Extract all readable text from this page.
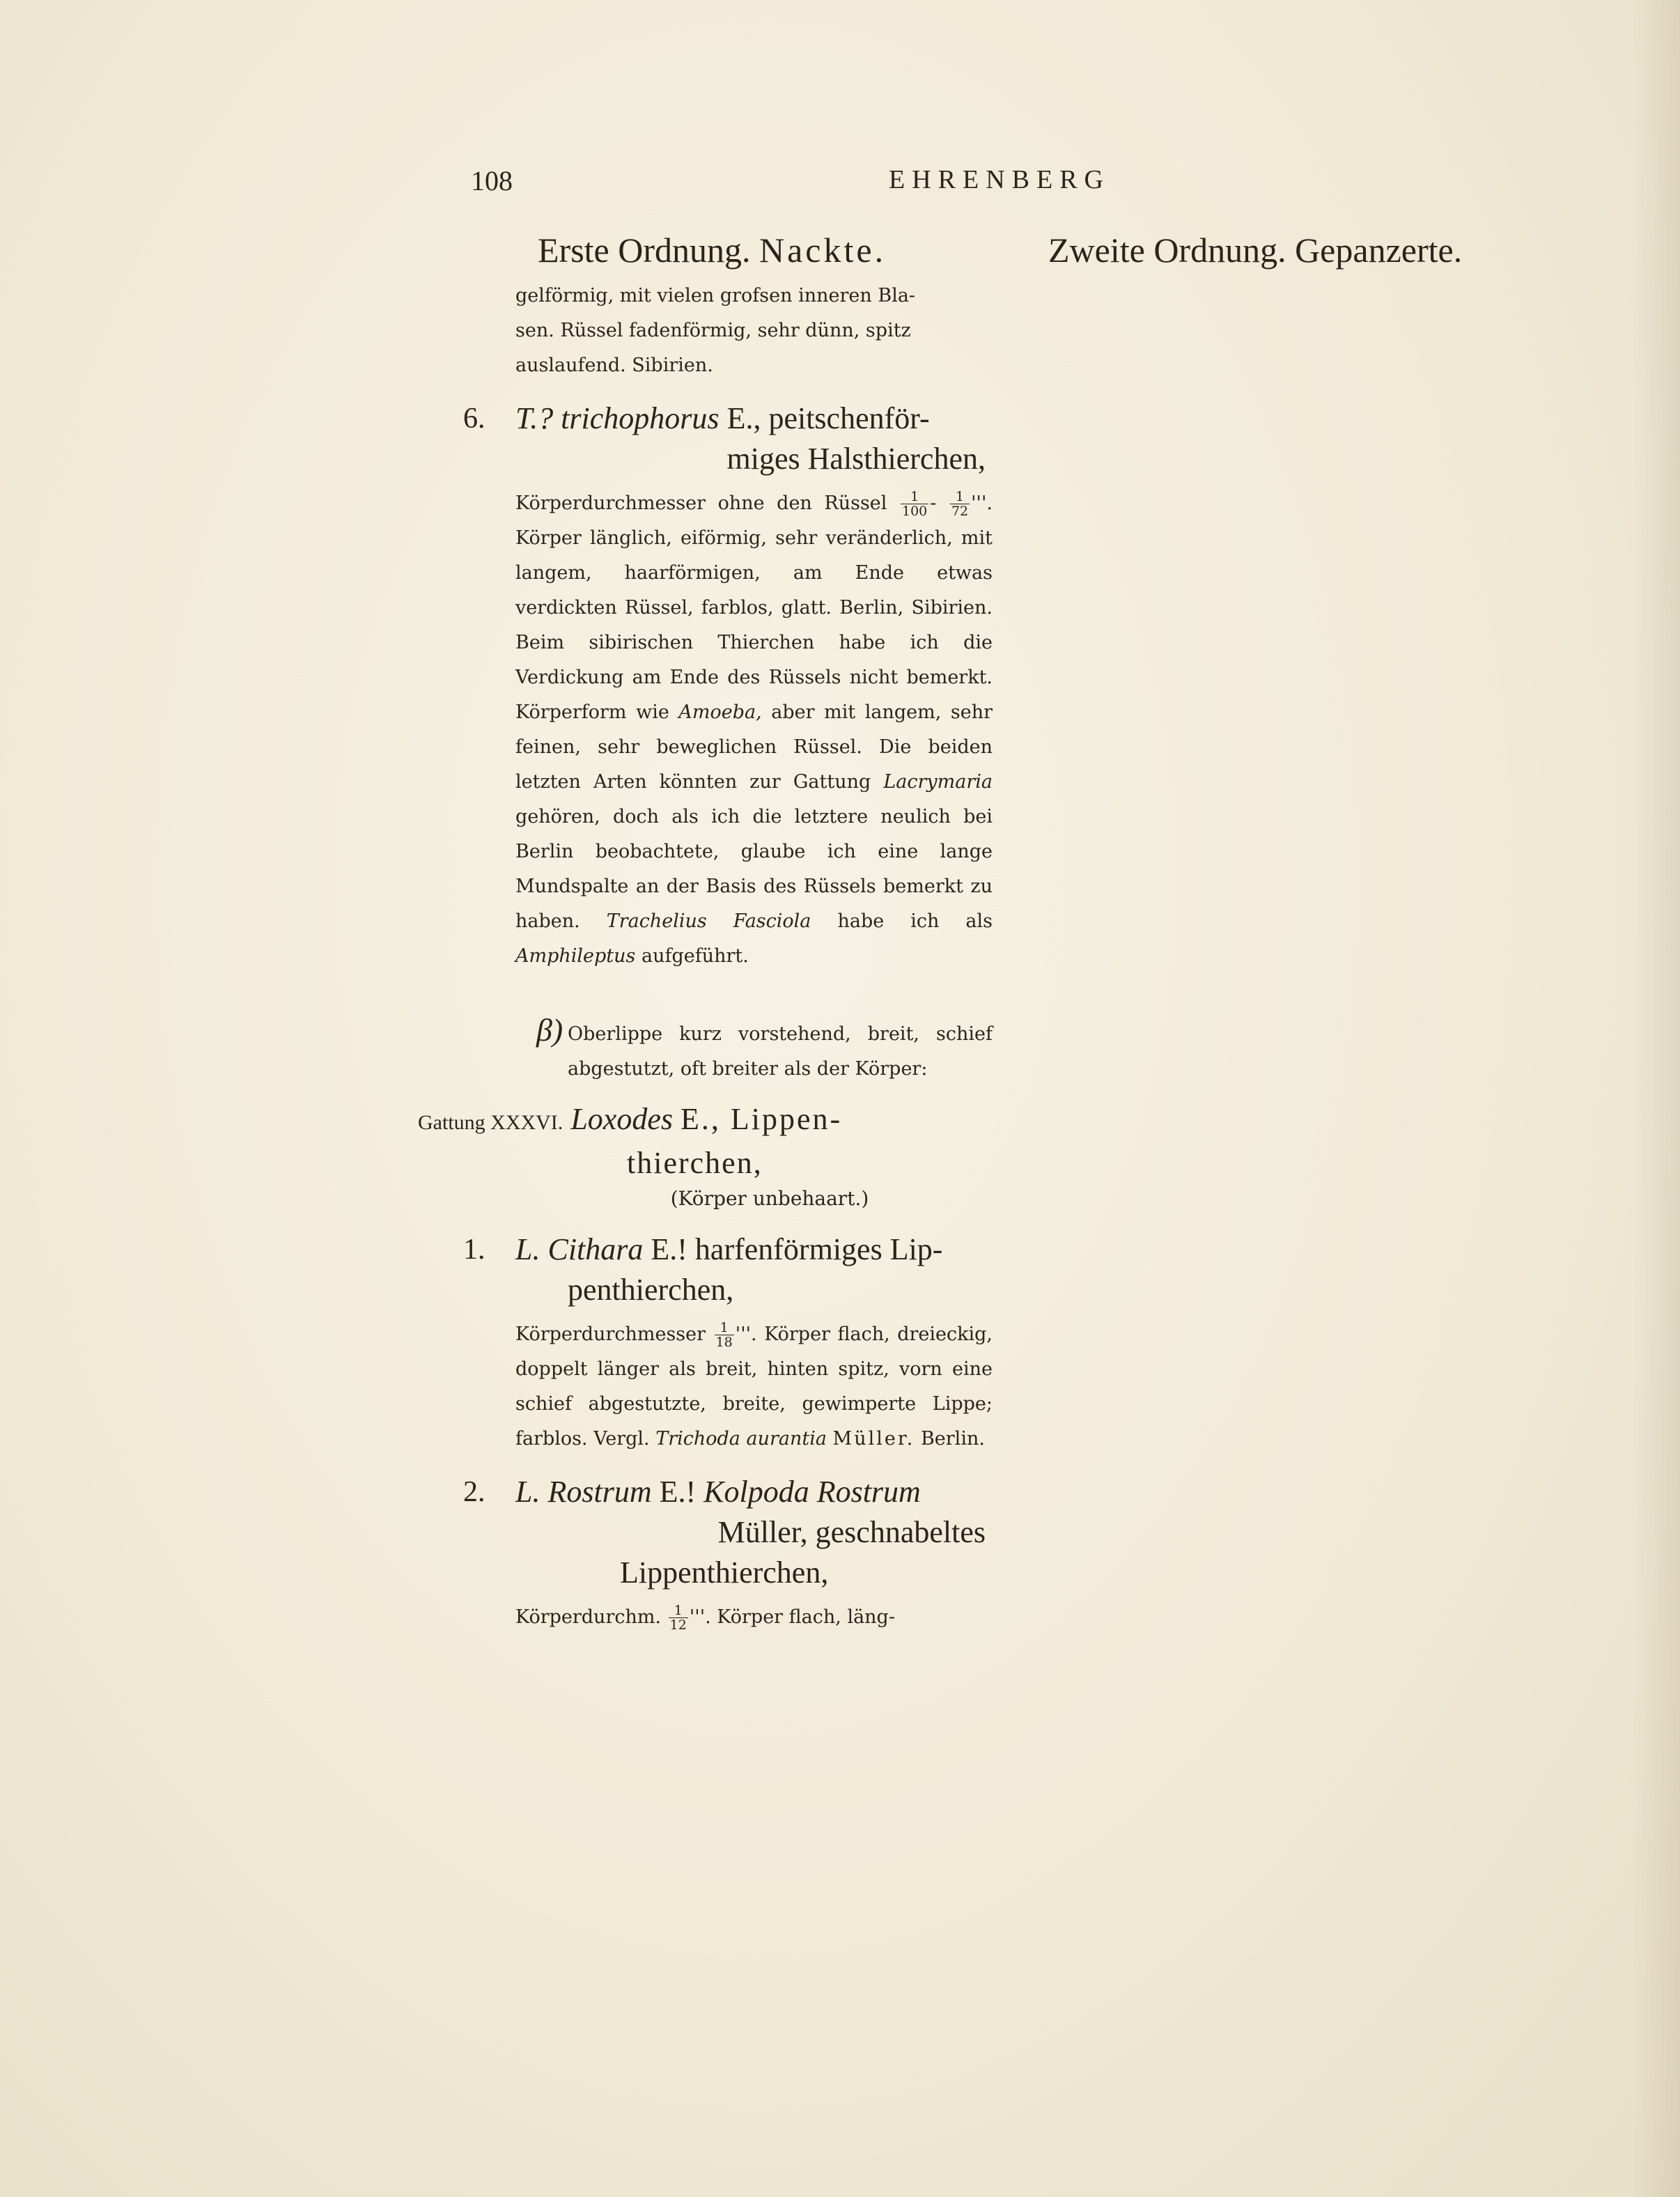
108	EHRENBERG
Erste Ordnung. Nackte.	Zweite Ordnung. Gepanzerte.
gelförmig, mit vielen grofsen inneren Bla-
sen. Rüssel fadenförmig, sehr dünn, spitz
auslaufend. Sibirien.
6. T.? trichophorus E., peitschenför-
miges Halsthierchen,
Körperdurchmesser ohne den Rüssel $\frac{1}{100} - \frac{1}{72}$ '''. Körper länglich, eiförmig, sehr veränderlich, mit langem, haarförmigen, am Ende etwas verdickten Rüssel, farblos, glatt. Berlin, Sibirien. Beim sibirischen Thierchen habe ich die Verdickung am Ende des Rüssels nicht bemerkt. Körperform wie Amoeba, aber mit langem, sehr feinen, sehr beweglichen Rüssel. Die beiden letzten Arten könnten zur Gattung Lacrymaria gehören, doch als ich die letztere neulich bei Berlin beobachtete, glaube ich eine lange Mundspalte an der Basis des Rüssels bemerkt zu haben. Trachelius Fasciola habe ich als Amphileptus aufgeführt.
β) Oberlippe kurz vorstehend, breit, schief abgestutzt, oft breiter als der Körper:
Gattung XXXVI. Loxodes E., Lippen-
thierchen,
(Körper unbehaart.)
1. L. Cithara E.! harfenförmiges Lip-
penthierchen,
Körperdurchmesser $\frac{1}{18}$ '''. Körper flach, dreieckig, doppelt länger als breit, hinten spitz, vorn eine schief abgestutzte, breite, gewimperte Lippe; farblos. Vergl. Trichoda aurantia Müller. Berlin.
2. L. Rostrum E.! Kolpoda Rostrum
Müller, geschnabeltes
Lippenthierchen,
Körperdurchm. $\frac{1}{12}$ '''. Körper flach, läng-
